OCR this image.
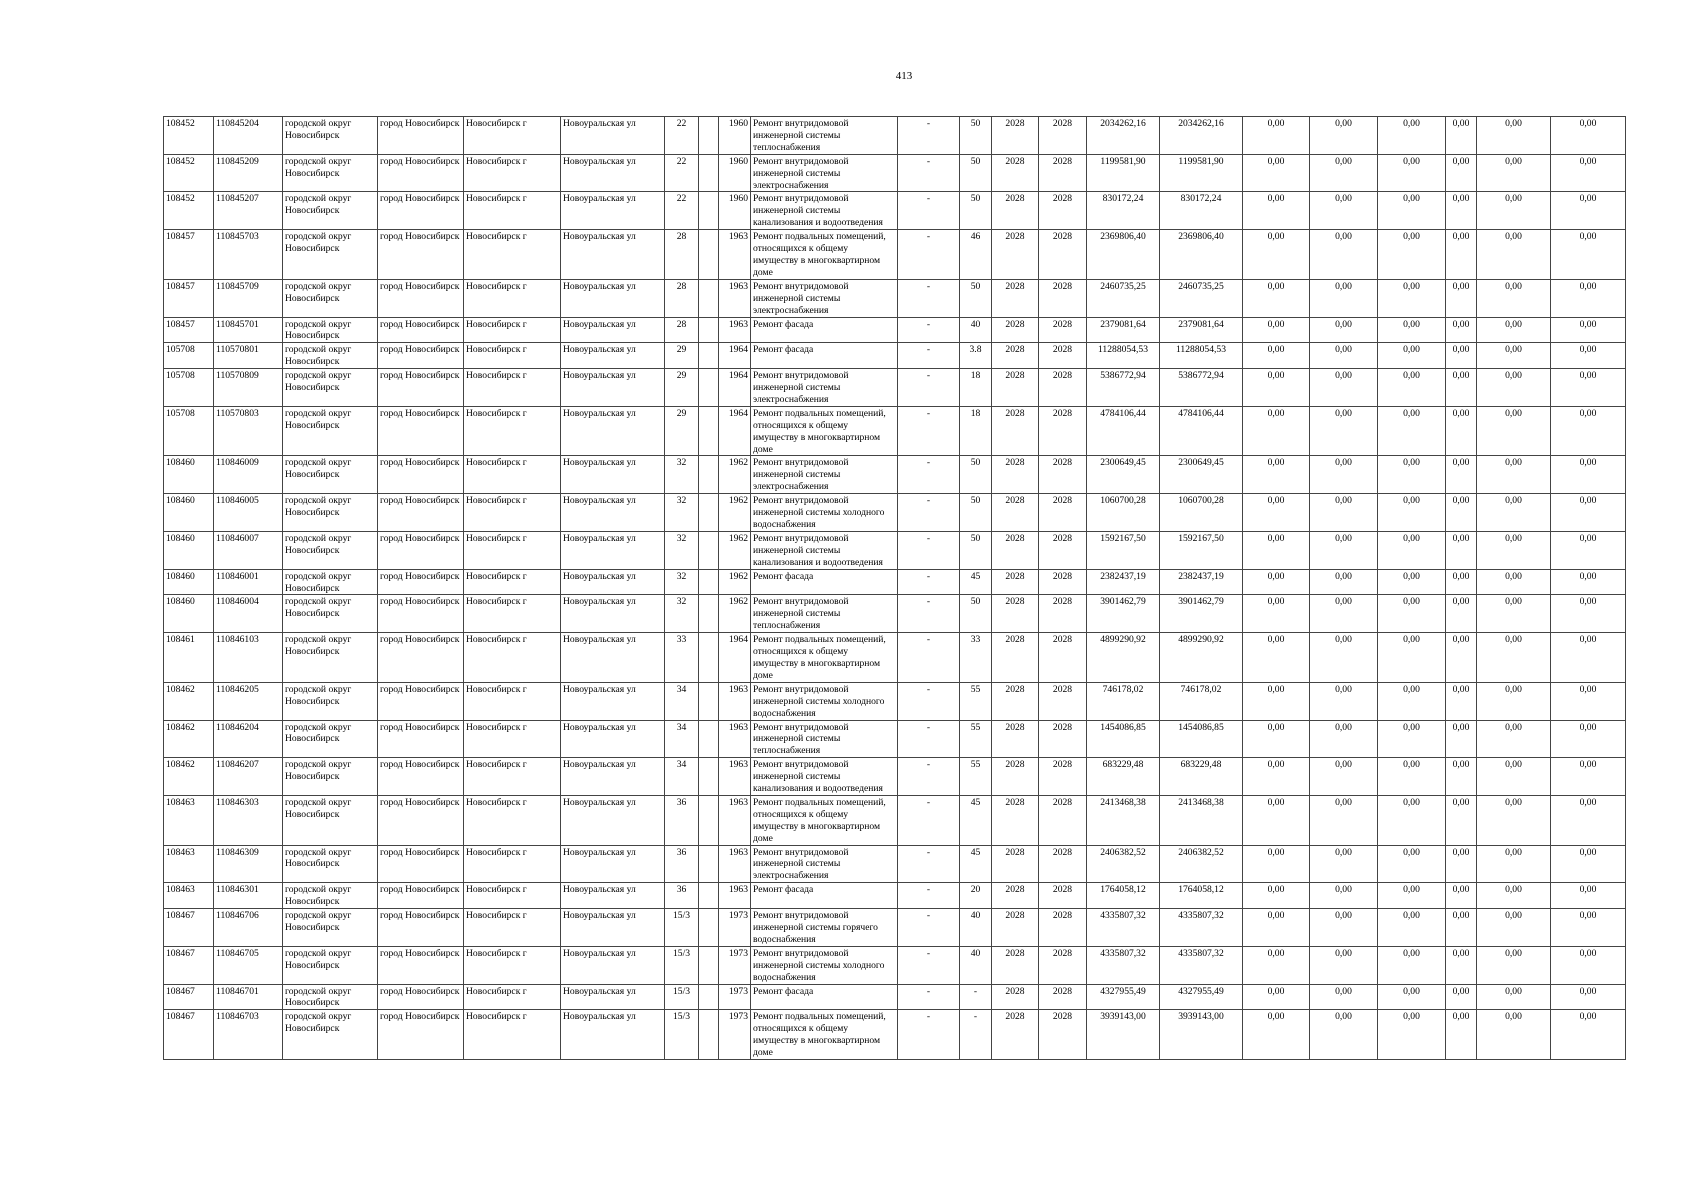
413
108452	110845204	городской округ Новосибирск	город Новосибирск	Новосибирск г	Новоуральская ул	22		1960	Ремонт внутридомовой инженерной системы теплоснабжения	-	50	2028	2028	2034262,16	2034262,16	0,00	0,00	0,00	0,00	0,00	0,00
108452	110845209	городской округ Новосибирск	город Новосибирск	Новосибирск г	Новоуральская ул	22		1960	Ремонт внутридомовой инженерной системы электроснабжения	-	50	2028	2028	1199581,90	1199581,90	0,00	0,00	0,00	0,00	0,00	0,00
108452	110845207	городской округ Новосибирск	город Новосибирск	Новосибирск г	Новоуральская ул	22		1960	Ремонт внутридомовой инженерной системы канализования и водоотведения	-	50	2028	2028	830172,24	830172,24	0,00	0,00	0,00	0,00	0,00	0,00
108457	110845703	городской округ Новосибирск	город Новосибирск	Новосибирск г	Новоуральская ул	28		1963	Ремонт подвальных помещений, относящихся к общему имуществу в многоквартирном доме	-	46	2028	2028	2369806,40	2369806,40	0,00	0,00	0,00	0,00	0,00	0,00
108457	110845709	городской округ Новосибирск	город Новосибирск	Новосибирск г	Новоуральская ул	28		1963	Ремонт внутридомовой инженерной системы электроснабжения	-	50	2028	2028	2460735,25	2460735,25	0,00	0,00	0,00	0,00	0,00	0,00
108457	110845701	городской округ Новосибирск	город Новосибирск	Новосибирск г	Новоуральская ул	28		1963	Ремонт фасада	-	40	2028	2028	2379081,64	2379081,64	0,00	0,00	0,00	0,00	0,00	0,00
105708	110570801	городской округ Новосибирск	город Новосибирск	Новосибирск г	Новоуральская ул	29		1964	Ремонт фасада	-	3.8	2028	2028	11288054,53	11288054,53	0,00	0,00	0,00	0,00	0,00	0,00
105708	110570809	городской округ Новосибирск	город Новосибирск	Новосибирск г	Новоуральская ул	29		1964	Ремонт внутридомовой инженерной системы электроснабжения	-	18	2028	2028	5386772,94	5386772,94	0,00	0,00	0,00	0,00	0,00	0,00
105708	110570803	городской округ Новосибирск	город Новосибирск	Новосибирск г	Новоуральская ул	29		1964	Ремонт подвальных помещений, относящихся к общему имуществу в многоквартирном доме	-	18	2028	2028	4784106,44	4784106,44	0,00	0,00	0,00	0,00	0,00	0,00
108460	110846009	городской округ Новосибирск	город Новосибирск	Новосибирск г	Новоуральская ул	32		1962	Ремонт внутридомовой инженерной системы электроснабжения	-	50	2028	2028	2300649,45	2300649,45	0,00	0,00	0,00	0,00	0,00	0,00
108460	110846005	городской округ Новосибирск	город Новосибирск	Новосибирск г	Новоуральская ул	32		1962	Ремонт внутридомовой инженерной системы холодного водоснабжения	-	50	2028	2028	1060700,28	1060700,28	0,00	0,00	0,00	0,00	0,00	0,00
108460	110846007	городской округ Новосибирск	город Новосибирск	Новосибирск г	Новоуральская ул	32		1962	Ремонт внутридомовой инженерной системы канализования и водоотведения	-	50	2028	2028	1592167,50	1592167,50	0,00	0,00	0,00	0,00	0,00	0,00
108460	110846001	городской округ Новосибирск	город Новосибирск	Новосибирск г	Новоуральская ул	32		1962	Ремонт фасада	-	45	2028	2028	2382437,19	2382437,19	0,00	0,00	0,00	0,00	0,00	0,00
108460	110846004	городской округ Новосибирск	город Новосибирск	Новосибирск г	Новоуральская ул	32		1962	Ремонт внутридомовой инженерной системы теплоснабжения	-	50	2028	2028	3901462,79	3901462,79	0,00	0,00	0,00	0,00	0,00	0,00
108461	110846103	городской округ Новосибирск	город Новосибирск	Новосибирск г	Новоуральская ул	33		1964	Ремонт подвальных помещений, относящихся к общему имуществу в многоквартирном доме	-	33	2028	2028	4899290,92	4899290,92	0,00	0,00	0,00	0,00	0,00	0,00
108462	110846205	городской округ Новосибирск	город Новосибирск	Новосибирск г	Новоуральская ул	34		1963	Ремонт внутридомовой инженерной системы холодного водоснабжения	-	55	2028	2028	746178,02	746178,02	0,00	0,00	0,00	0,00	0,00	0,00
108462	110846204	городской округ Новосибирск	город Новосибирск	Новосибирск г	Новоуральская ул	34		1963	Ремонт внутридомовой инженерной системы теплоснабжения	-	55	2028	2028	1454086,85	1454086,85	0,00	0,00	0,00	0,00	0,00	0,00
108462	110846207	городской округ Новосибирск	город Новосибирск	Новосибирск г	Новоуральская ул	34		1963	Ремонт внутридомовой инженерной системы канализования и водоотведения	-	55	2028	2028	683229,48	683229,48	0,00	0,00	0,00	0,00	0,00	0,00
108463	110846303	городской округ Новосибирск	город Новосибирск	Новосибирск г	Новоуральская ул	36		1963	Ремонт подвальных помещений, относящихся к общему имуществу в многоквартирном доме	-	45	2028	2028	2413468,38	2413468,38	0,00	0,00	0,00	0,00	0,00	0,00
108463	110846309	городской округ Новосибирск	город Новосибирск	Новосибирск г	Новоуральская ул	36		1963	Ремонт внутридомовой инженерной системы электроснабжения	-	45	2028	2028	2406382,52	2406382,52	0,00	0,00	0,00	0,00	0,00	0,00
108463	110846301	городской округ Новосибирск	город Новосибирск	Новосибирск г	Новоуральская ул	36		1963	Ремонт фасада	-	20	2028	2028	1764058,12	1764058,12	0,00	0,00	0,00	0,00	0,00	0,00
108467	110846706	городской округ Новосибирск	город Новосибирск	Новосибирск г	Новоуральская ул	15/3		1973	Ремонт внутридомовой инженерной системы горячего водоснабжения	-	40	2028	2028	4335807,32	4335807,32	0,00	0,00	0,00	0,00	0,00	0,00
108467	110846705	городской округ Новосибирск	город Новосибирск	Новосибирск г	Новоуральская ул	15/3		1973	Ремонт внутридомовой инженерной системы холодного водоснабжения	-	40	2028	2028	4335807,32	4335807,32	0,00	0,00	0,00	0,00	0,00	0,00
108467	110846701	городской округ Новосибирск	город Новосибирск	Новосибирск г	Новоуральская ул	15/3		1973	Ремонт фасада	-	-	2028	2028	4327955,49	4327955,49	0,00	0,00	0,00	0,00	0,00	0,00
108467	110846703	городской округ Новосибирск	город Новосибирск	Новосибирск г	Новоуральская ул	15/3		1973	Ремонт подвальных помещений, относящихся к общему имуществу в многоквартирном доме	-	-	2028	2028	3939143,00	3939143,00	0,00	0,00	0,00	0,00	0,00	0,00
